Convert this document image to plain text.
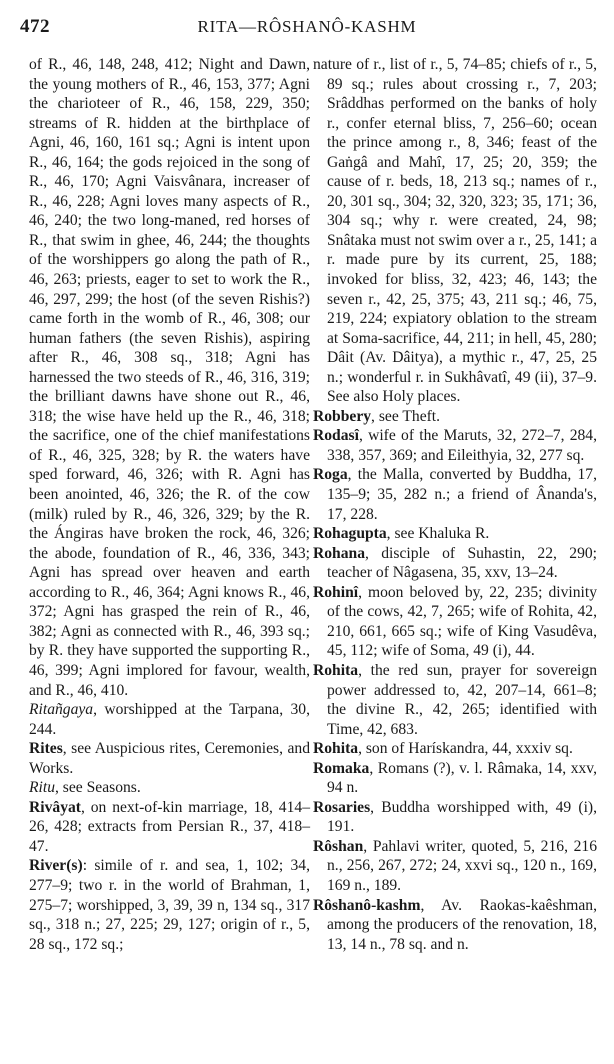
472	RITA—RÔSHANÔ-KASHM

of R., 46, 148, 248, 412; Night and Dawn, the young mothers of R., 46, 153, 377; Agni the charioteer of R., 46, 158, 229, 350; streams of R. hidden at the birthplace of Agni, 46, 160, 161 sq.; Agni is intent upon R., 46, 164; the gods rejoiced in the song of R., 46, 170; Agni Vaisvânara, increaser of R., 46, 228; Agni loves many aspects of R., 46, 240; the two long-maned, red horses of R., that swim in ghee, 46, 244; the thoughts of the worshippers go along the path of R., 46, 263; priests, eager to set to work the R., 46, 297, 299; the host (of the seven Rishis?) came forth in the womb of R., 46, 308; our human fathers (the seven Rishis), aspiring after R., 46, 308 sq., 318; Agni has harnessed the two steeds of R., 46, 316, 319; the brilliant dawns have shone out R., 46, 318; the wise have held up the R., 46, 318; the sacrifice, one of the chief manifestations of R., 46, 325, 328; by R. the waters have sped forward, 46, 326; with R. Agni has been anointed, 46, 326; the R. of the cow (milk) ruled by R., 46, 326, 329; by the R. the Ángiras have broken the rock, 46, 326; the abode, foundation of R., 46, 336, 343; Agni has spread over heaven and earth according to R., 46, 364; Agni knows R., 46, 372; Agni has grasped the rein of R., 46, 382; Agni as connected with R., 46, 393 sq.; by R. they have supported the supporting R., 46, 399; Agni implored for favour, wealth, and R., 46, 410.

Ritañgaya, worshipped at the Tarpana, 30, 244.

Rites, see Auspicious rites, Ceremonies, and Works.

Ritu, see Seasons.

Rivâyat, on next-of-kin marriage, 18, 414–26, 428; extracts from Persian R., 37, 418–47.

River(s): simile of r. and sea, 1, 102; 34, 277–9; two r. in the world of Brahman, 1, 275–7; worshipped, 3, 39, 39 n, 134 sq., 317 sq., 318 n.; 27, 225; 29, 127; origin of r., 5, 28 sq., 172 sq.;

nature of r., list of r., 5, 74–85; chiefs of r., 5, 89 sq.; rules about crossing r., 7, 203; Srâddhas performed on the banks of holy r., confer eternal bliss, 7, 256–60; ocean the prince among r., 8, 346; feast of the Gaṅgâ and Mahî, 17, 25; 20, 359; the cause of r. beds, 18, 213 sq.; names of r., 20, 301 sq., 304; 32, 320, 323; 35, 171; 36, 304 sq.; why r. were created, 24, 98; Snâtaka must not swim over a r., 25, 141; a r. made pure by its current, 25, 188; invoked for bliss, 32, 423; 46, 143; the seven r., 42, 25, 375; 43, 211 sq.; 46, 75, 219, 224; expiatory oblation to the stream at Soma-sacrifice, 44, 211; in hell, 45, 280; Dâit (Av. Dâitya), a mythic r., 47, 25, 25 n.; wonderful r. in Sukhâvatî, 49 (ii), 37–9. See also Holy places.

Robbery, see Theft.

Rodasî, wife of the Maruts, 32, 272–7, 284, 338, 357, 369; and Eileithyia, 32, 277 sq.

Roga, the Malla, converted by Buddha, 17, 135–9; 35, 282 n.; a friend of Ânanda's, 17, 228.

Rohagupta, see Khaluka R.

Rohana, disciple of Suhastin, 22, 290; teacher of Nâgasena, 35, xxv, 13–24.

Rohinî, moon beloved by, 22, 235; divinity of the cows, 42, 7, 265; wife of Rohita, 42, 210, 661, 665 sq.; wife of King Vasudêva, 45, 112; wife of Soma, 49 (i), 44.

Rohita, the red sun, prayer for sovereign power addressed to, 42, 207–14, 661–8; the divine R., 42, 265; identified with Time, 42, 683.

Rohita, son of Harískandra, 44, xxxiv sq.

Romaka, Romans (?), v. l. Râmaka, 14, xxv, 94 n.

Rosaries, Buddha worshipped with, 49 (i), 191.

Rôshan, Pahlavi writer, quoted, 5, 216, 216 n., 256, 267, 272; 24, xxvi sq., 120 n., 169, 169 n., 189.

Rôshanô-kashm, Av. Raokas-kaêshman, among the producers of the renovation, 18, 13, 14 n., 78 sq. and n.
